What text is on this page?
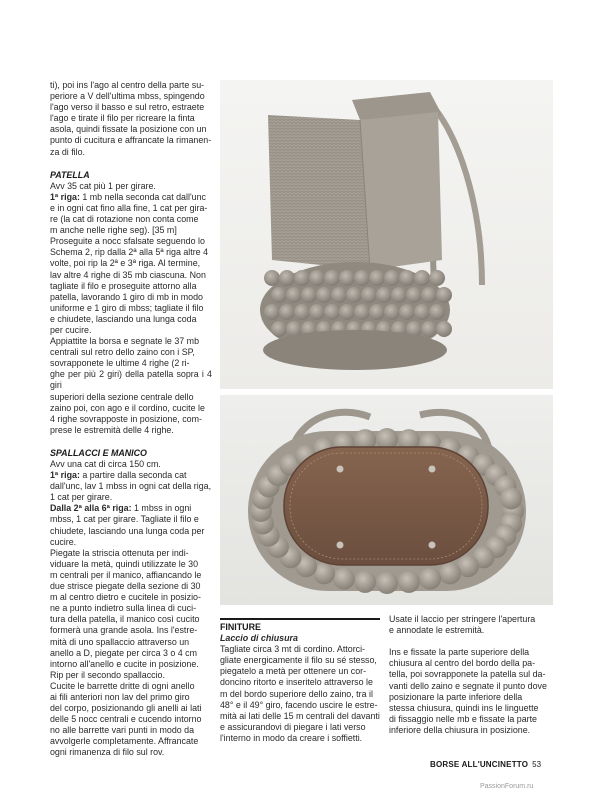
ti), poi ins l'ago al centro della parte su-

periore a V dell'ultima mbss, spingendo

l'ago verso il basso e sul retro, estraete

l'ago e tirate il filo per ricreare la finta

asola, quindi fissate la posizione con un

punto di cucitura e affrancate la rimanen-

za di filo.

PATELLA

Avv 35 cat più 1 per girare.

1ª riga: 1 mb nella seconda cat dall'unc

e in ogni cat fino alla fine, 1 cat per gira-

re (la cat di rotazione non conta come

m anche nelle righe seg). [35 m]

Proseguite a nocc sfalsate seguendo lo

Schema 2, rip dalla 2ª alla 5ª riga altre 4

volte, poi rip la 2ª e 3ª riga. Al termine,

lav altre 4 righe di 35 mb ciascuna. Non

tagliate il filo e proseguite attorno alla

patella, lavorando 1 giro di mb in modo

uniforme e 1 giro di mbss; tagliate il filo

e chiudete, lasciando una lunga coda

per cucire.

Appiattite la borsa e segnate le 37 mb

centrali sul retro dello zaino con i SP,

sovrapponete le ultime 4 righe (2 ri-

ghe per più 2 giri) della patella sopra i 4 giri

superiori della sezione centrale dello

zaino poi, con ago e il cordino, cucite le

4 righe sovrapposte in posizione, com-

prese le estremità delle 4 righe.

SPALLACCI E MANICO

Avv una cat di circa 150 cm.

1ª riga: a partire dalla seconda cat

dall'unc, lav 1 mbss in ogni cat della riga,

1 cat per girare.

Dalla 2ª alla 6ª riga: 1 mbss in ogni

mbss, 1 cat per girare. Tagliate il filo e

chiudete, lasciando una lunga coda per

cucire.

Piegate la striscia ottenuta per indi-

viduare la metà, quindi utilizzate le 30

m centrali per il manico, affiancando le

due strisce piegate della sezione di 30

m al centro dietro e cucitele in posizio-

ne a punto indietro sulla linea di cuci-

tura della patella, il manico così cucito

formerà una grande asola. Ins l'estre-

mità di uno spallaccio attraverso un

anello a D, piegate per circa 3 o 4 cm

intorno all'anello e cucite in posizione.

Rip per il secondo spallaccio.

Cucite le barrette dritte di ogni anello

ai fili anteriori non lav del primo giro

del corpo, posizionando gli anelli ai lati

delle 5 nocc centrali e cucendo intorno

no alle barrette vari punti in modo da

avvolgerle completamente. Affrancate

ogni rimanenza di filo sul rov.

FINITURE

Laccio di chiusura

Tagliate circa 3 mt di cordino. Attorci-

gliate energicamente il filo su sé stesso,

piegatelo a metà per ottenere un cor-

doncino ritorto e inseritelo attraverso le

m del bordo superiore dello zaino, tra il

48° e il 49° giro, facendo uscire le estre-

mità ai lati delle 15 m centrali del davanti

e assicurandovi di piegare i lati verso

l'interno in modo da creare i soffietti.

Usate il laccio per stringere l'apertura

e annodate le estremità.

Ins e fissate la parte superiore della

chiusura al centro del bordo della pa-

tella, poi sovrapponete la patella sul da-

vanti dello zaino e segnate il punto dove

posizionare la parte inferiore della

stessa chiusura, quindi ins le linguette

di fissaggio nelle mb e fissate la parte

inferiore della chiusura in posizione.

BORSE ALL'UNCINETTO 53
PassionForum.ru
